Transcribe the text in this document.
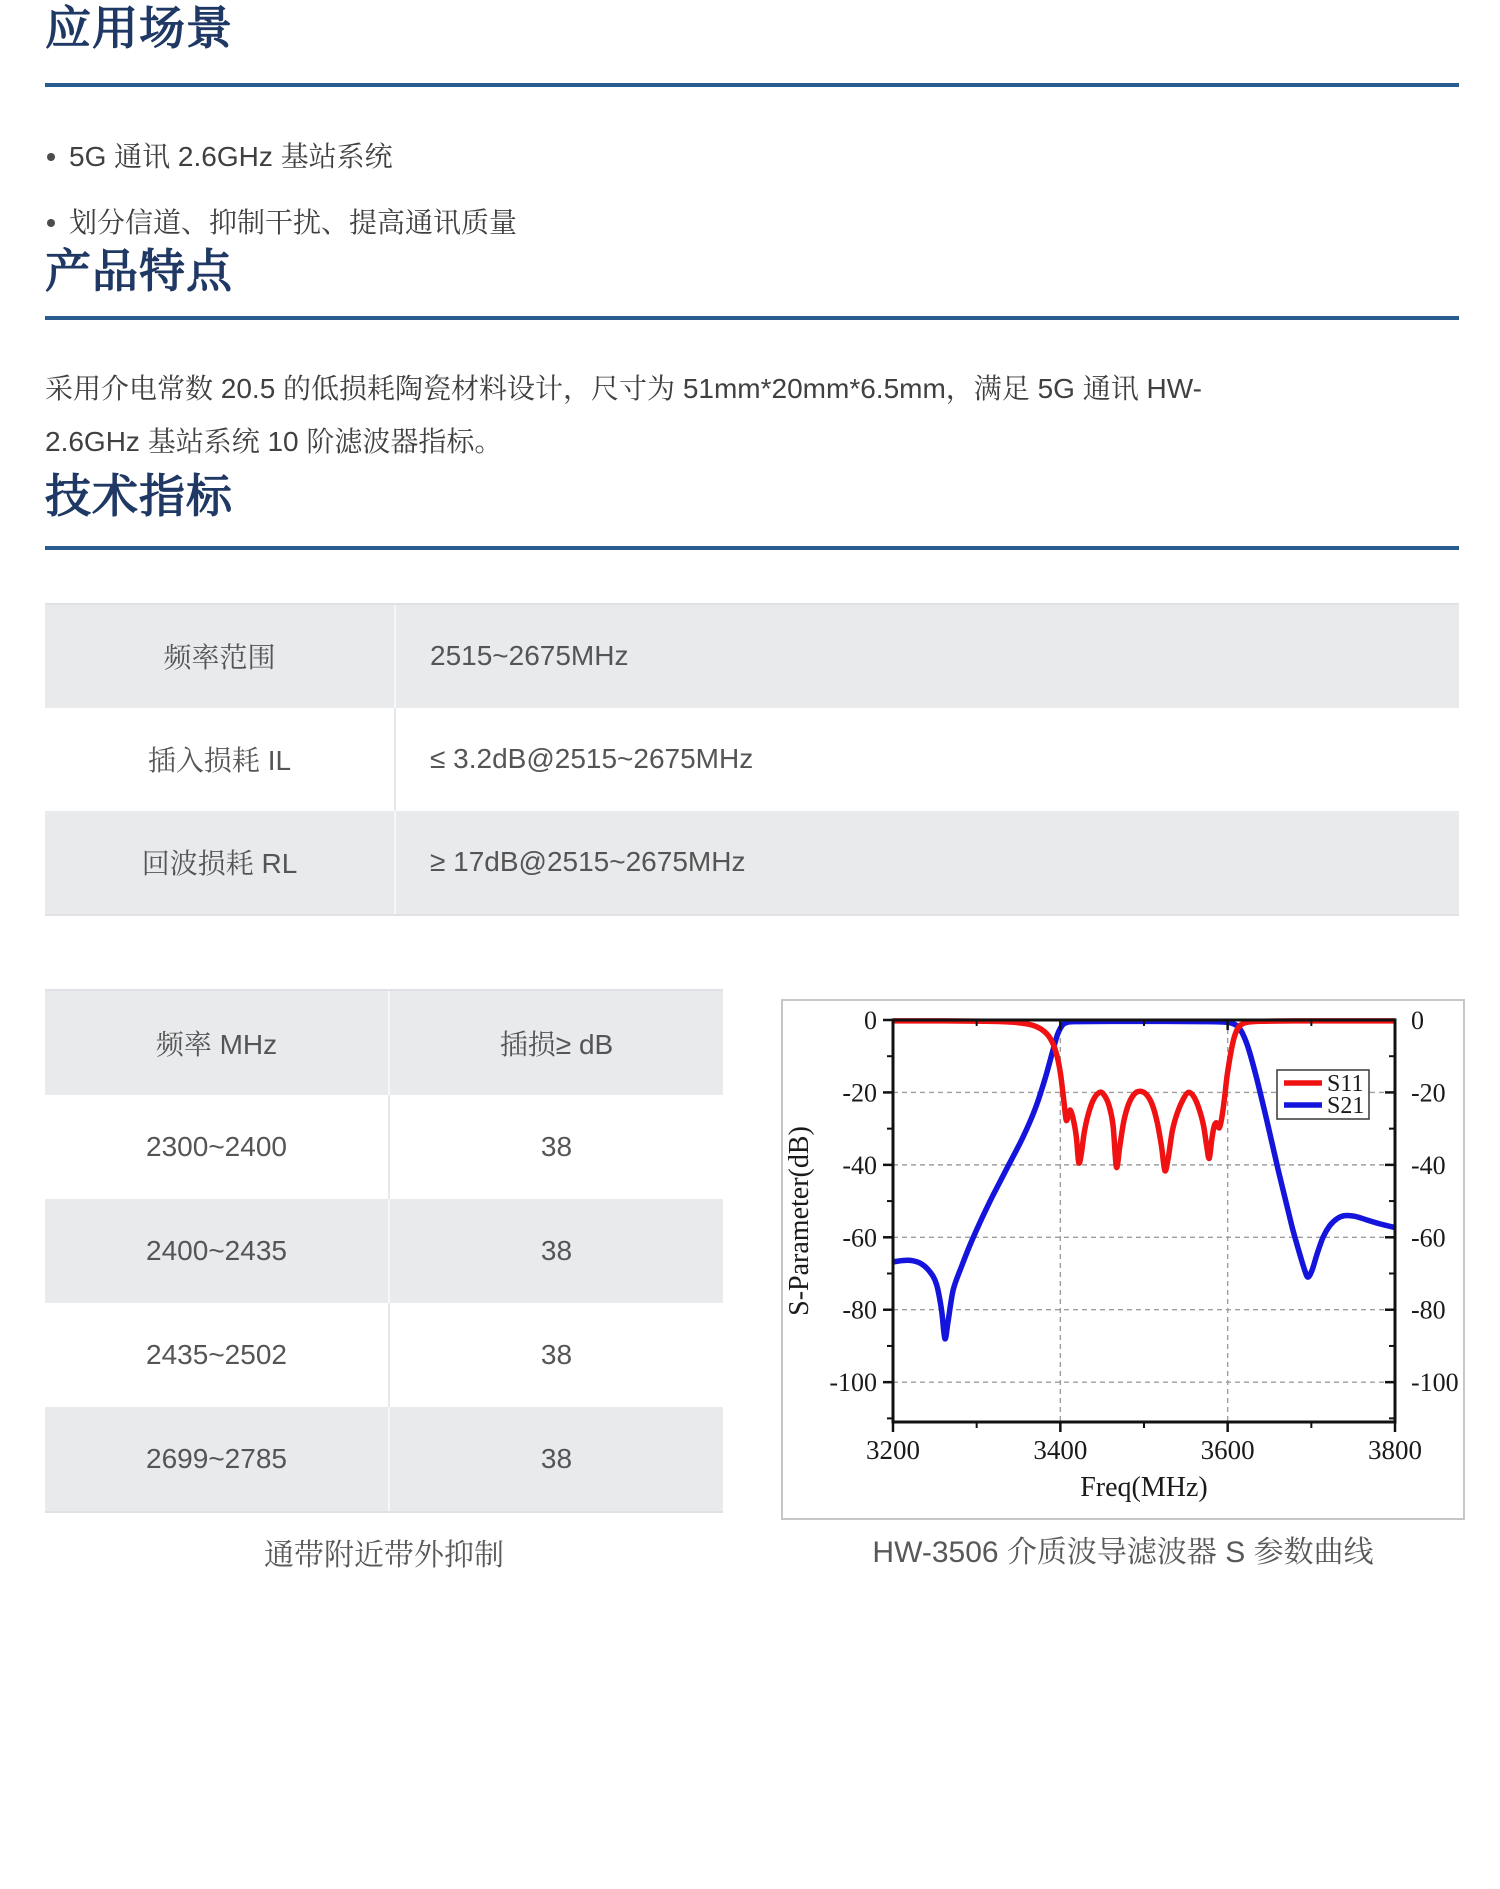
应用场景
5G 通讯 2.6GHz 基站系统
划分信道、抑制干扰、提高通讯质量
产品特点
采用介电常数 20.5 的低损耗陶瓷材料设计，尺寸为 51mm*20mm*6.5mm，满足 5G 通讯 HW-
2.6GHz 基站系统 10 阶滤波器指标。
技术指标
频率范围	2515~2675MHz
插入损耗 IL	≤ 3.2dB@2515~2675MHz
回波损耗 RL	≥ 17dB@2515~2675MHz
频率 MHz	插损≥ dB
2300~2400	38
2400~2435	38
2435~2502	38
2699~2785	38
通带附近带外抑制
3200	3400	3600	3800
0	0
-20	-20
-40	-40
-60	-60
-80	-80
-100	-100
Freq(MHz)
S-Parameter(dB)
S11
S21
HW-3506 介质波导滤波器 S 参数曲线
